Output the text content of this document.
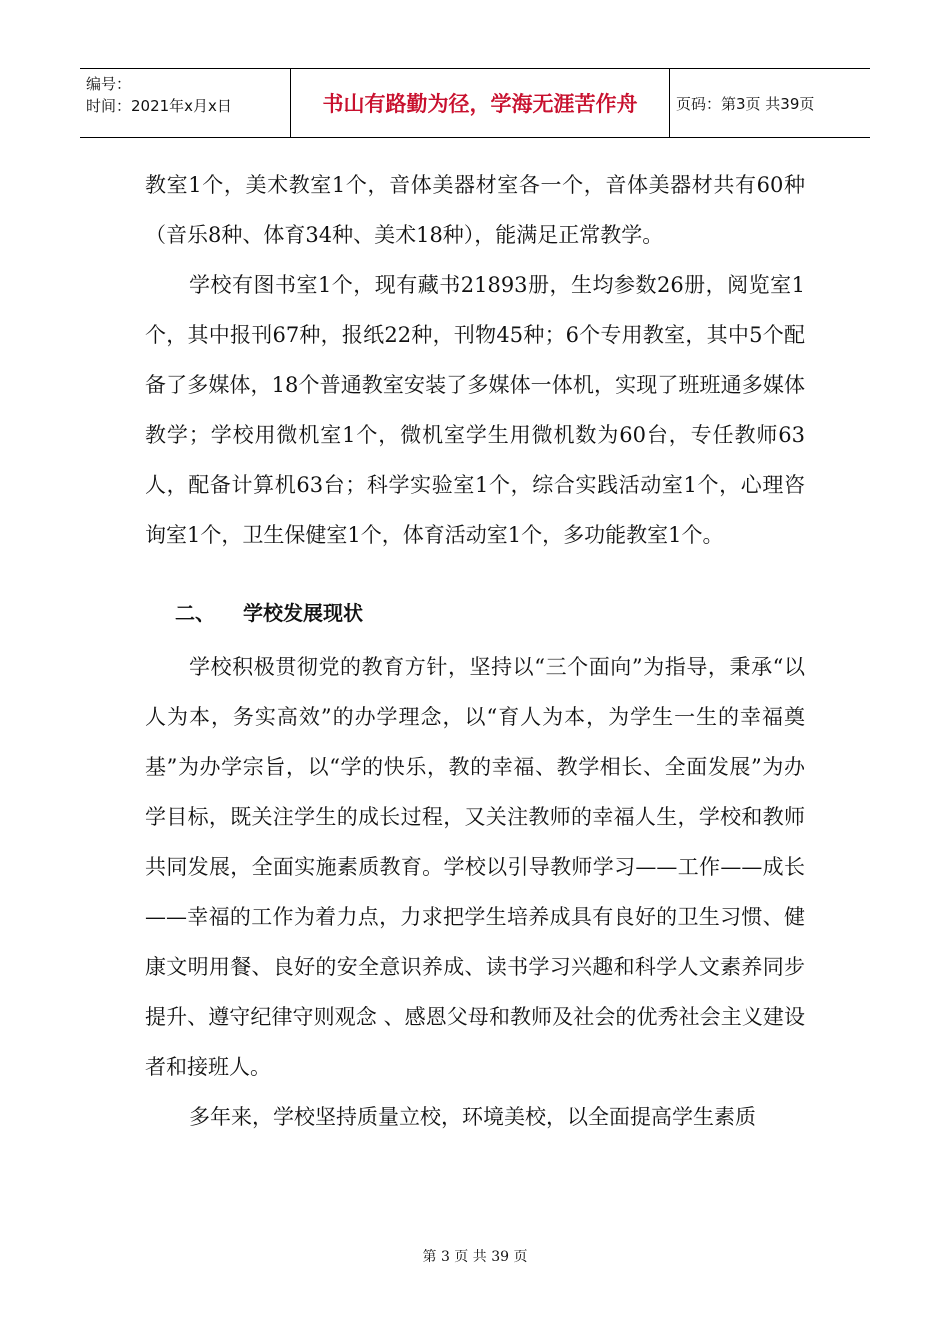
编号：
时间：2021年x月x日	书山有路勤为径，学海无涯苦作舟	页码：第3页 共39页

教室1个，美术教室1个，音体美器材室各一个，音体美器材共有60种（音乐8种、体育34种、美术18种），能满足正常教学。

学校有图书室1个，现有藏书21893册，生均参数26册，阅览室1个，其中报刊67种，报纸22种，刊物45种；6个专用教室，其中5个配备了多媒体，18个普通教室安装了多媒体一体机，实现了班班通多媒体教学；学校用微机室1个，微机室学生用微机数为60台，专任教师63人，配备计算机63台；科学实验室1个，综合实践活动室1个，心理咨询室1个，卫生保健室1个，体育活动室1个，多功能教室1个。

二、 学校发展现状

学校积极贯彻党的教育方针，坚持以“三个面向”为指导，秉承“以人为本，务实高效”的办学理念，以“育人为本，为学生一生的幸福奠基”为办学宗旨，以“学的快乐，教的幸福、教学相长、全面发展”为办学目标，既关注学生的成长过程，又关注教师的幸福人生，学校和教师共同发展，全面实施素质教育。学校以引导教师学习——工作——成长——幸福的工作为着力点，力求把学生培养成具有良好的卫生习惯、健康文明用餐、良好的安全意识养成、读书学习兴趣和科学人文素养同步提升、遵守纪律守则观念 、感恩父母和教师及社会的优秀社会主义建设者和接班人。

多年来，学校坚持质量立校，环境美校，以全面提高学生素质

第 3 页 共 39 页
